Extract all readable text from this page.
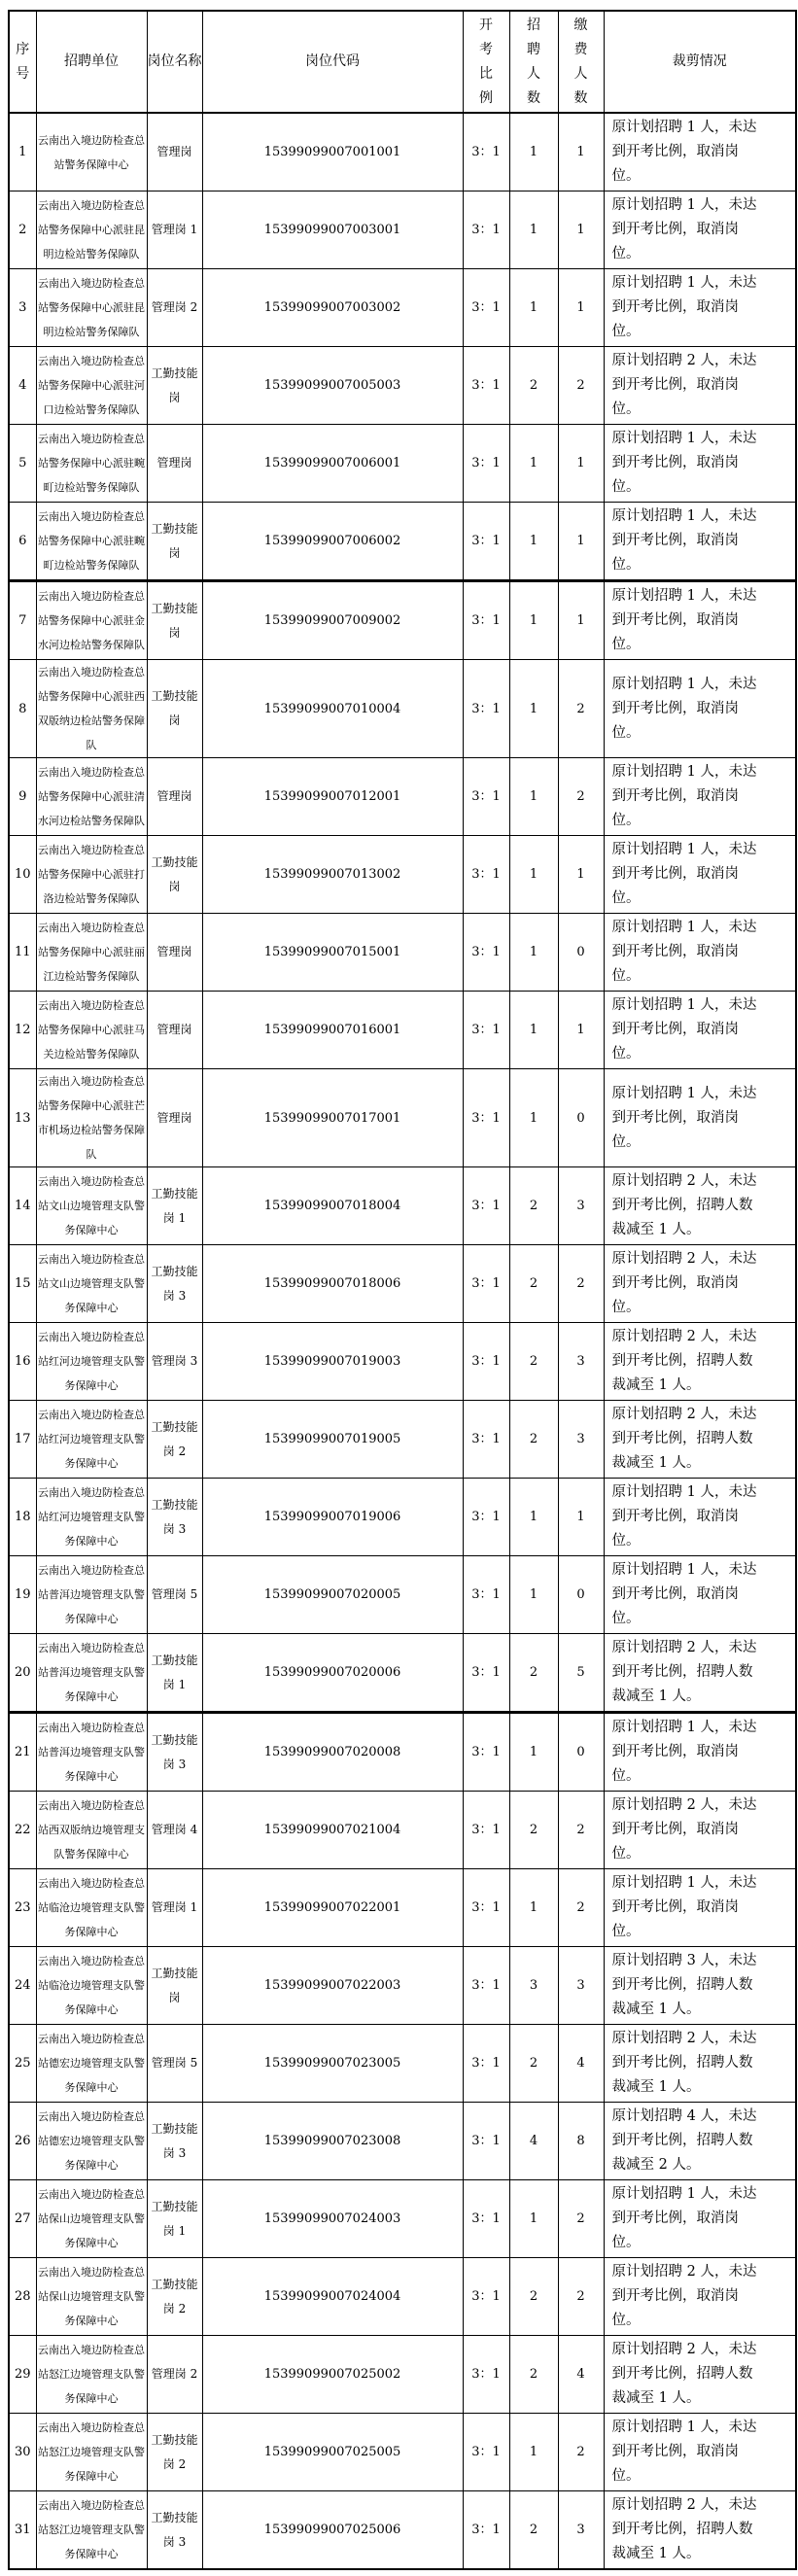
序号	招聘单位	岗位名称	岗位代码	开考比例	招聘人数	缴费人数	裁剪情况
1	云南出入境边防检查总站警务保障中心	管理岗	15399099007001001	3：1	1	1	原计划招聘 1 人，未达到开考比例，取消岗位。
2	云南出入境边防检查总站警务保障中心派驻昆明边检站警务保障队	管理岗 1	15399099007003001	3：1	1	1	原计划招聘 1 人，未达到开考比例，取消岗位。
3	云南出入境边防检查总站警务保障中心派驻昆明边检站警务保障队	管理岗 2	15399099007003002	3：1	1	1	原计划招聘 1 人，未达到开考比例，取消岗位。
4	云南出入境边防检查总站警务保障中心派驻河口边检站警务保障队	工勤技能岗	15399099007005003	3：1	2	2	原计划招聘 2 人，未达到开考比例，取消岗位。
5	云南出入境边防检查总站警务保障中心派驻畹町边检站警务保障队	管理岗	15399099007006001	3：1	1	1	原计划招聘 1 人，未达到开考比例，取消岗位。
6	云南出入境边防检查总站警务保障中心派驻畹町边检站警务保障队	工勤技能岗	15399099007006002	3：1	1	1	原计划招聘 1 人，未达到开考比例，取消岗位。
7	云南出入境边防检查总站警务保障中心派驻金水河边检站警务保障队	工勤技能岗	15399099007009002	3：1	1	1	原计划招聘 1 人，未达到开考比例，取消岗位。
8	云南出入境边防检查总站警务保障中心派驻西双版纳边检站警务保障队	工勤技能岗	15399099007010004	3：1	1	2	原计划招聘 1 人，未达到开考比例，取消岗位。
9	云南出入境边防检查总站警务保障中心派驻清水河边检站警务保障队	管理岗	15399099007012001	3：1	1	2	原计划招聘 1 人，未达到开考比例，取消岗位。
10	云南出入境边防检查总站警务保障中心派驻打洛边检站警务保障队	工勤技能岗	15399099007013002	3：1	1	1	原计划招聘 1 人，未达到开考比例，取消岗位。
11	云南出入境边防检查总站警务保障中心派驻丽江边检站警务保障队	管理岗	15399099007015001	3：1	1	0	原计划招聘 1 人，未达到开考比例，取消岗位。
12	云南出入境边防检查总站警务保障中心派驻马关边检站警务保障队	管理岗	15399099007016001	3：1	1	1	原计划招聘 1 人，未达到开考比例，取消岗位。
13	云南出入境边防检查总站警务保障中心派驻芒市机场边检站警务保障队	管理岗	15399099007017001	3：1	1	0	原计划招聘 1 人，未达到开考比例，取消岗位。
14	云南出入境边防检查总站文山边境管理支队警务保障中心	工勤技能岗 1	15399099007018004	3：1	2	3	原计划招聘 2 人，未达到开考比例，招聘人数裁减至 1 人。
15	云南出入境边防检查总站文山边境管理支队警务保障中心	工勤技能岗 3	15399099007018006	3：1	2	2	原计划招聘 2 人，未达到开考比例，取消岗位。
16	云南出入境边防检查总站红河边境管理支队警务保障中心	管理岗 3	15399099007019003	3：1	2	3	原计划招聘 2 人，未达到开考比例，招聘人数裁减至 1 人。
17	云南出入境边防检查总站红河边境管理支队警务保障中心	工勤技能岗 2	15399099007019005	3：1	2	3	原计划招聘 2 人，未达到开考比例，招聘人数裁减至 1 人。
18	云南出入境边防检查总站红河边境管理支队警务保障中心	工勤技能岗 3	15399099007019006	3：1	1	1	原计划招聘 1 人，未达到开考比例，取消岗位。
19	云南出入境边防检查总站普洱边境管理支队警务保障中心	管理岗 5	15399099007020005	3：1	1	0	原计划招聘 1 人，未达到开考比例，取消岗位。
20	云南出入境边防检查总站普洱边境管理支队警务保障中心	工勤技能岗 1	15399099007020006	3：1	2	5	原计划招聘 2 人，未达到开考比例，招聘人数裁减至 1 人。
21	云南出入境边防检查总站普洱边境管理支队警务保障中心	工勤技能岗 3	15399099007020008	3：1	1	0	原计划招聘 1 人，未达到开考比例，取消岗位。
22	云南出入境边防检查总站西双版纳边境管理支队警务保障中心	管理岗 4	15399099007021004	3：1	2	2	原计划招聘 2 人，未达到开考比例，取消岗位。
23	云南出入境边防检查总站临沧边境管理支队警务保障中心	管理岗 1	15399099007022001	3：1	1	2	原计划招聘 1 人，未达到开考比例，取消岗位。
24	云南出入境边防检查总站临沧边境管理支队警务保障中心	工勤技能岗	15399099007022003	3：1	3	3	原计划招聘 3 人，未达到开考比例，招聘人数裁减至 1 人。
25	云南出入境边防检查总站德宏边境管理支队警务保障中心	管理岗 5	15399099007023005	3：1	2	4	原计划招聘 2 人，未达到开考比例，招聘人数裁减至 1 人。
26	云南出入境边防检查总站德宏边境管理支队警务保障中心	工勤技能岗 3	15399099007023008	3：1	4	8	原计划招聘 4 人，未达到开考比例，招聘人数裁减至 2 人。
27	云南出入境边防检查总站保山边境管理支队警务保障中心	工勤技能岗 1	15399099007024003	3：1	1	2	原计划招聘 1 人，未达到开考比例，取消岗位。
28	云南出入境边防检查总站保山边境管理支队警务保障中心	工勤技能岗 2	15399099007024004	3：1	2	2	原计划招聘 2 人，未达到开考比例，取消岗位。
29	云南出入境边防检查总站怒江边境管理支队警务保障中心	管理岗 2	15399099007025002	3：1	2	4	原计划招聘 2 人，未达到开考比例，招聘人数裁减至 1 人。
30	云南出入境边防检查总站怒江边境管理支队警务保障中心	工勤技能岗 2	15399099007025005	3：1	1	2	原计划招聘 1 人，未达到开考比例，取消岗位。
31	云南出入境边防检查总站怒江边境管理支队警务保障中心	工勤技能岗 3	15399099007025006	3：1	2	3	原计划招聘 2 人，未达到开考比例，招聘人数裁减至 1 人。
